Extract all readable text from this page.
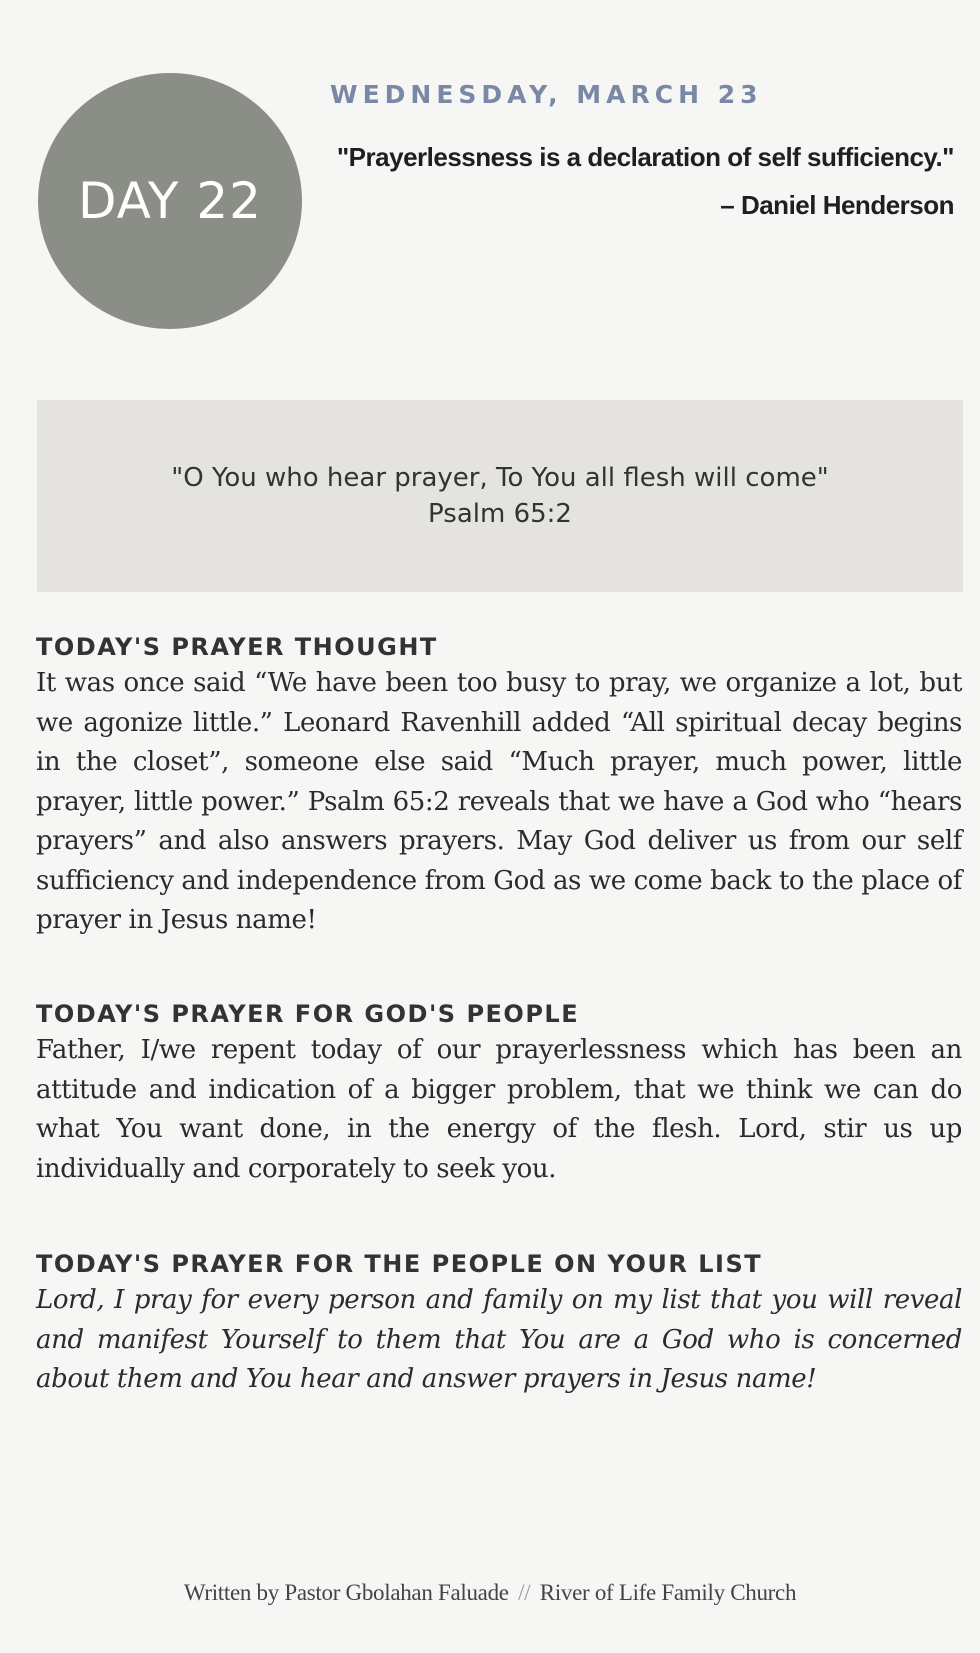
DAY 22
WEDNESDAY, MARCH 23
"Prayerlessness is a declaration of self sufficiency."
– Daniel Henderson
"O You who hear prayer, To You all flesh will come"
Psalm 65:2
TODAY'S PRAYER THOUGHT

It was once said “We have been too busy to pray, we organize a lot, but we agonize little.” Leonard Ravenhill added “All spiritual decay begins in the closet”, someone else said “Much prayer, much power, little prayer, little power.” Psalm 65:2 reveals that we have a God who “hears prayers” and also answers prayers. May God deliver us from our self sufficiency and independence from God as we come back to the place of prayer in Jesus name!

TODAY'S PRAYER FOR GOD'S PEOPLE

Father, I/we repent today of our prayerlessness which has been an attitude and indication of a bigger problem, that we think we can do what You want done, in the energy of the flesh. Lord, stir us up individually and corporately to seek you.

TODAY'S PRAYER FOR THE PEOPLE ON YOUR LIST

Lord, I pray for every person and family on my list that you will reveal and manifest Yourself to them that You are a God who is concerned about them and You hear and answer prayers in Jesus name!

Written by Pastor Gbolahan Faluade // River of Life Family Church
